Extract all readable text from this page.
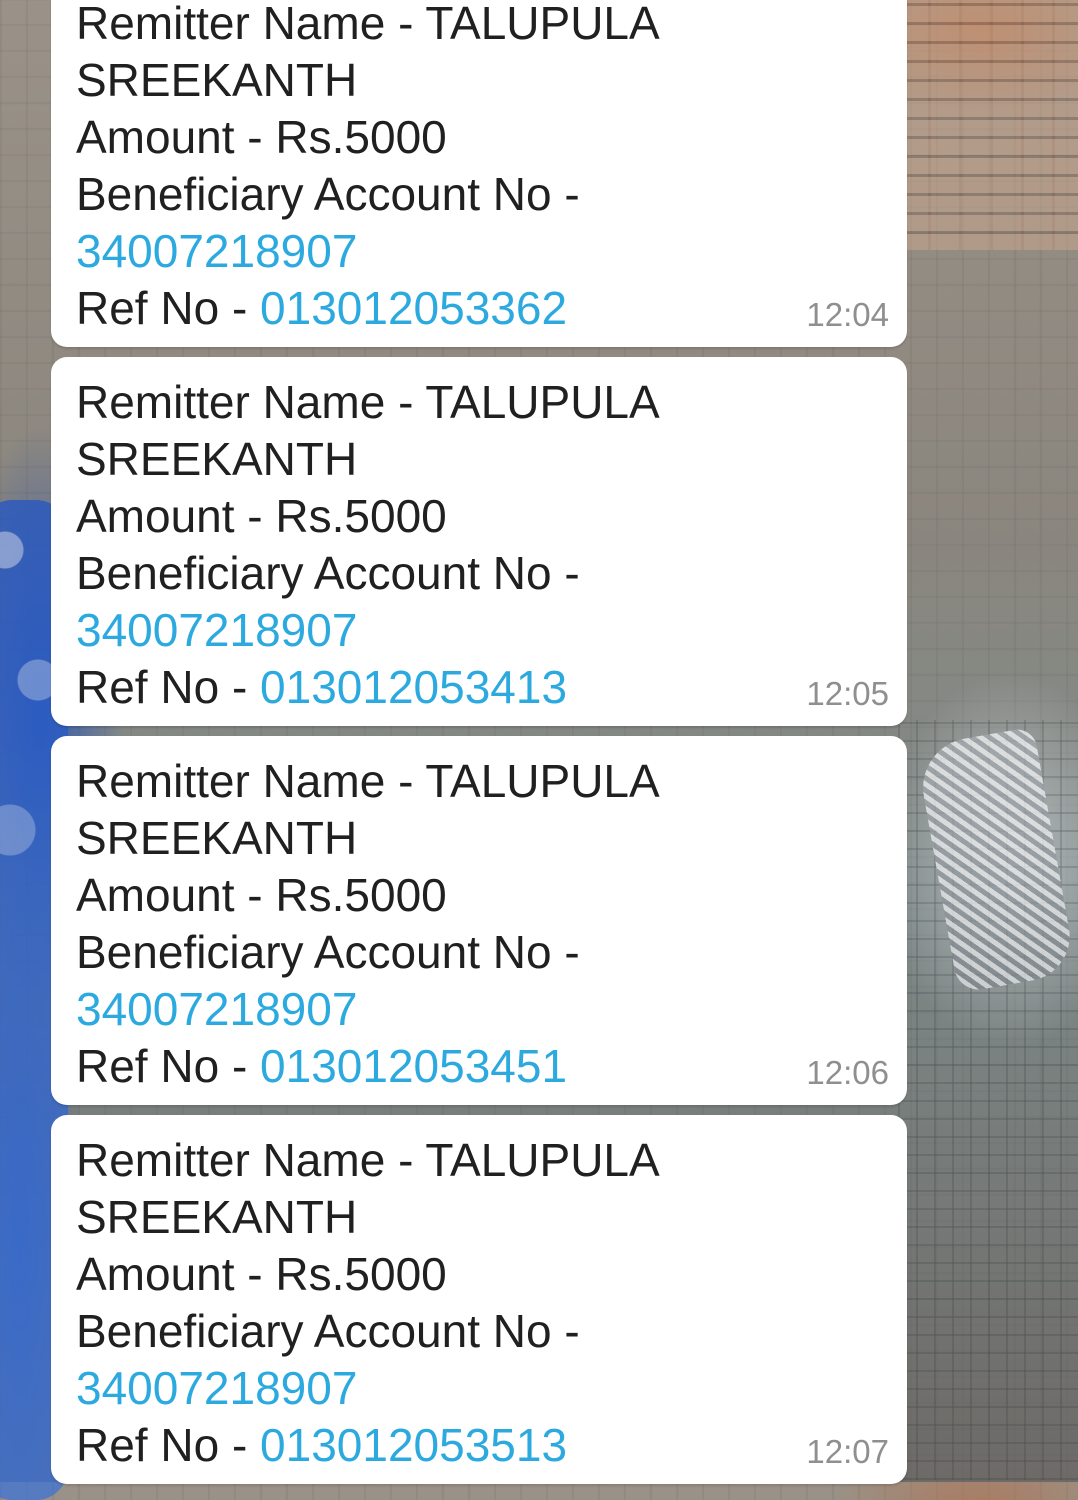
Remitter Name - TALUPULA
SREEKANTH
Amount - Rs.5000
Beneficiary Account No -
34007218907
Ref No - 013012053362	12:04
Remitter Name - TALUPULA
SREEKANTH
Amount - Rs.5000
Beneficiary Account No -
34007218907
Ref No - 013012053413	12:05
Remitter Name - TALUPULA
SREEKANTH
Amount - Rs.5000
Beneficiary Account No -
34007218907
Ref No - 013012053451	12:06
Remitter Name - TALUPULA
SREEKANTH
Amount - Rs.5000
Beneficiary Account No -
34007218907
Ref No - 013012053513	12:07
